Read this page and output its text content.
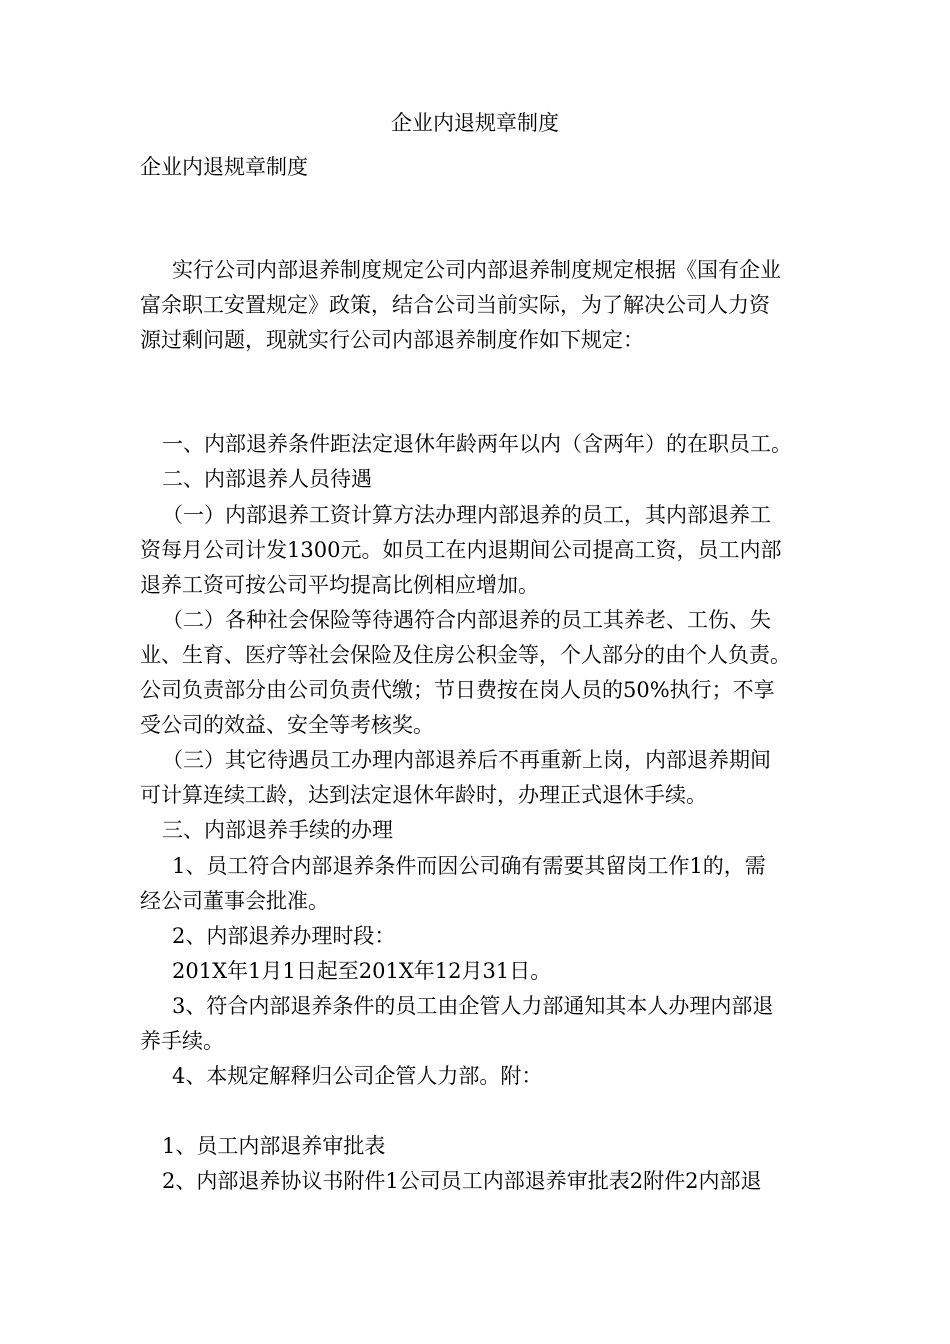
企业内退规章制度
企业内退规章制度
实行公司内部退养制度规定公司内部退养制度规定根据《国有企业
富余职工安置规定》政策，结合公司当前实际，为了解决公司人力资
源过剩问题，现就实行公司内部退养制度作如下规定：
一、内部退养条件距法定退休年龄两年以内（含两年）的在职员工。
二、内部退养人员待遇
（一）内部退养工资计算方法办理内部退养的员工，其内部退养工
资每月公司计发1300元。如员工在内退期间公司提高工资，员工内部
退养工资可按公司平均提高比例相应增加。
（二）各种社会保险等待遇符合内部退养的员工其养老、工伤、失
业、生育、医疗等社会保险及住房公积金等，个人部分的由个人负责。
公司负责部分由公司负责代缴；节日费按在岗人员的50%执行；不享
受公司的效益、安全等考核奖。
（三）其它待遇员工办理内部退养后不再重新上岗，内部退养期间
可计算连续工龄，达到法定退休年龄时，办理正式退休手续。
三、内部退养手续的办理
1、员工符合内部退养条件而因公司确有需要其留岗工作1的，需
经公司董事会批准。
2、内部退养办理时段：
201X年1月1日起至201X年12月31日。
3、符合内部退养条件的员工由企管人力部通知其本人办理内部退
养手续。
4、本规定解释归公司企管人力部。附：
1、员工内部退养审批表
2、内部退养协议书附件1公司员工内部退养审批表2附件2内部退
